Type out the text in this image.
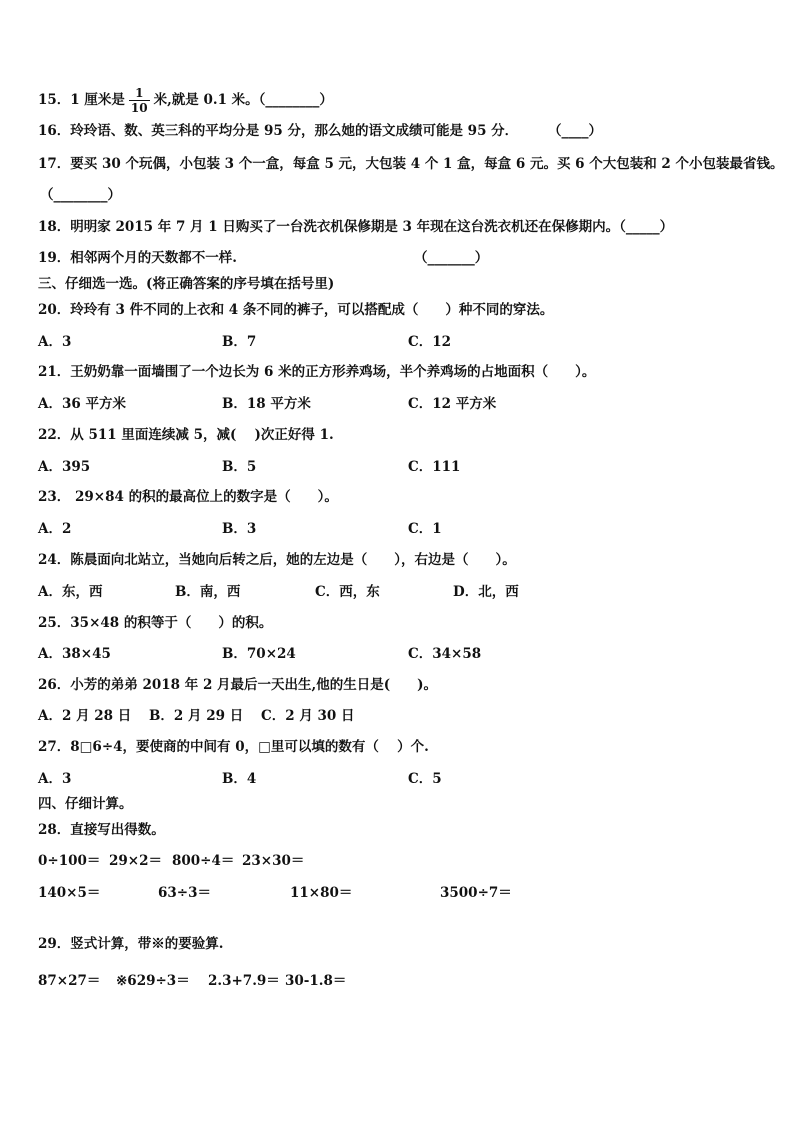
15．1 厘米是 $\frac{1}{10}$ 米,就是 0.1 米。（________）
16．玲玲语、数、英三科的平均分是 95 分，那么她的语文成绩可能是 95 分． （____）
17．要买 30 个玩偶，小包装 3 个一盒，每盒 5 元，大包装 4 个 1 盒，每盒 6 元。买 6 个大包装和 2 个小包装最省钱。
（________）
18．明明家 2015 年 7 月 1 日购买了一台洗衣机保修期是 3 年现在这台洗衣机还在保修期内。（_____）
19．相邻两个月的天数都不一样.	（_______）
三、仔细选一选。(将正确答案的序号填在括号里)
20．玲玲有 3 件不同的上衣和 4 条不同的裤子，可以搭配成（　　）种不同的穿法。
A．3	B．7	C．12
21．王奶奶靠一面墙围了一个边长为 6 米的正方形养鸡场，半个养鸡场的占地面积（　　）。
A．36 平方米	B．18 平方米	C．12 平方米
22．从 511 里面连续减 5，减(　 )次正好得 1.
A．395	B．5	C．111
23． 29×84 的积的最高位上的数字是（　　）。
A．2	B．3	C．1
24．陈晨面向北站立，当她向后转之后，她的左边是（　　），右边是（　　）。
A．东，西	B．南，西	C．西，东	D．北，西
25．35×48 的积等于（　　）的积。
A．38×45	B．70×24	C．34×58
26．小芳的弟弟 2018 年 2 月最后一天出生,他的生日是(　　)。
A．2 月 28 日 B．2 月 29 日 C．2 月 30 日
27．8□6÷4，要使商的中间有 0，□里可以填的数有（　 ）个.
A．3	B．4	C．5
四、仔细计算。
28．直接写出得数。
0÷100＝ 29×2＝ 800÷4＝ 23×30＝
140×5＝	63÷3＝	11×80＝	3500÷7＝
29．竖式计算，带※的要验算.
87×27＝ ※629÷3＝ 2.3+7.9＝ 30-1.8＝
